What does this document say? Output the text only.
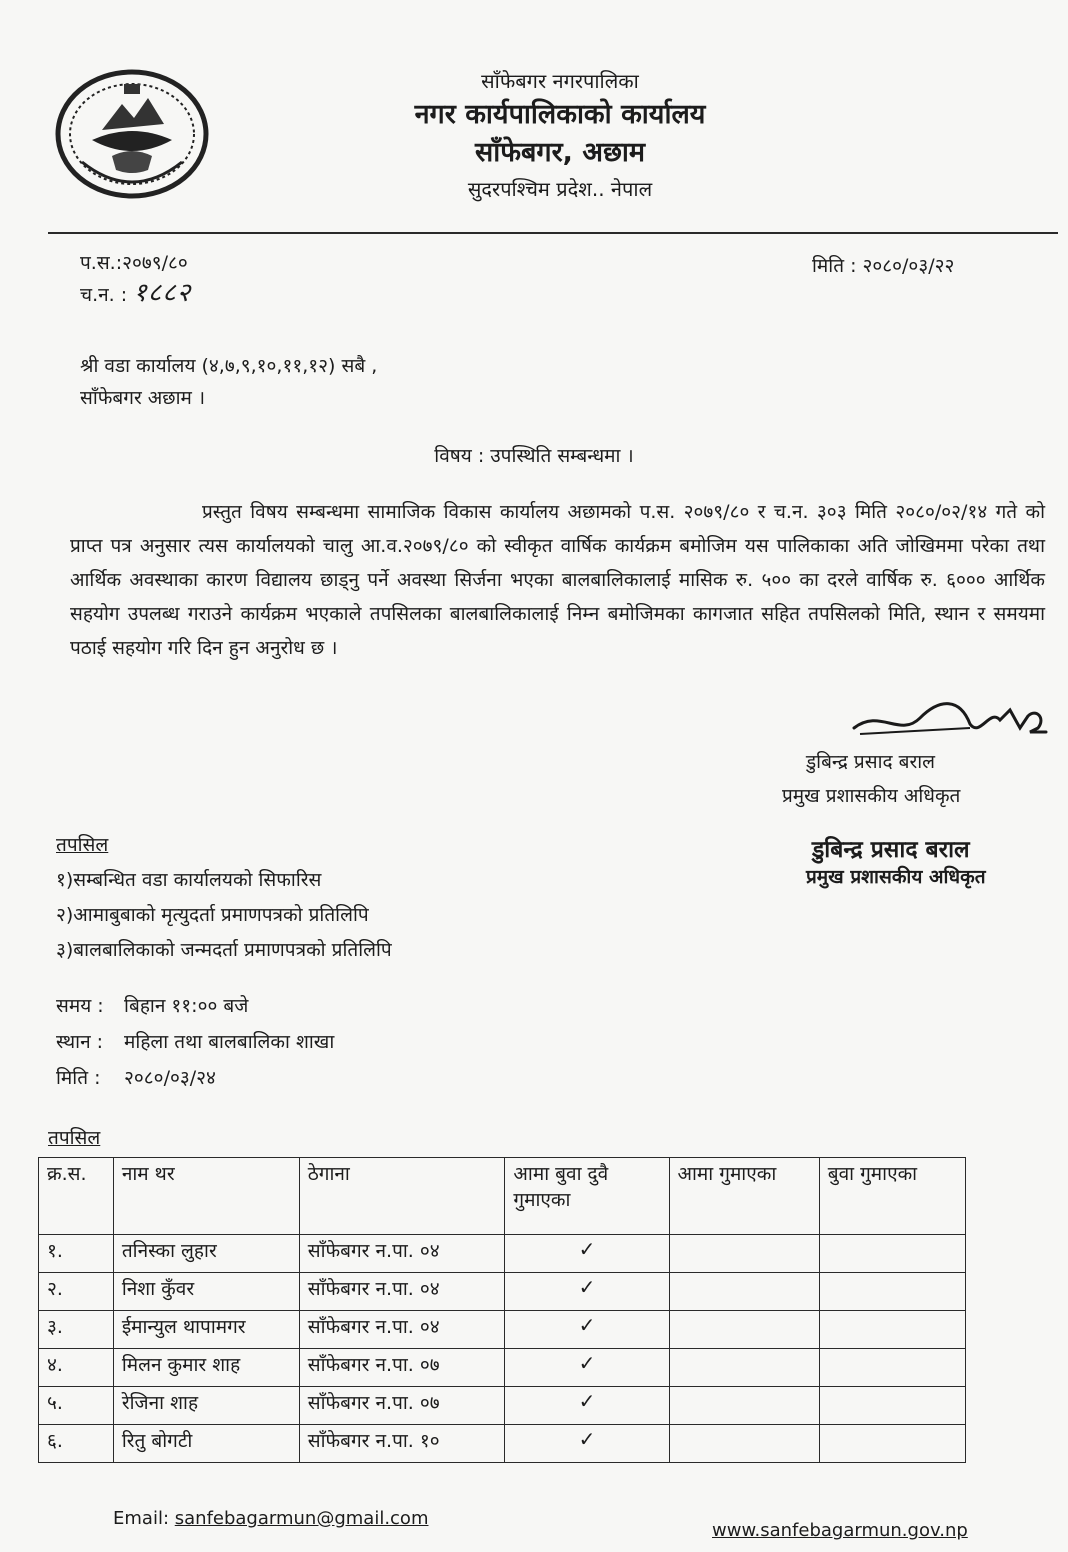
साँफेबगर नगरपालिका
नगर कार्यपालिकाको कार्यालय
साँफेबगर, अछाम
सुदरपश्चिम प्रदेश.. नेपाल
प.स.:२०७९/८०
च.न. : १८८२
मिति : २०८०/०३/२२
श्री वडा कार्यालय (४,७,९,१०,११,१२) सबै ,
साँफेबगर अछाम ।
विषय : उपस्थिति सम्बन्धमा ।

प्रस्तुत विषय सम्बन्धमा सामाजिक विकास कार्यालय अछामको प.स. २०७९/८० र च.न. ३०३ मिति २०८०/०२/१४ गते को प्राप्त पत्र अनुसार त्यस कार्यालयको चालु आ.व.२०७९/८० को स्वीकृत वार्षिक कार्यक्रम बमोजिम यस पालिकाका अति जोखिममा परेका तथा आर्थिक अवस्थाका कारण विद्यालय छाड्नु पर्ने अवस्था सिर्जना भएका बालबालिकालाई मासिक रु. ५०० का दरले वार्षिक रु. ६००० आर्थिक सहयोग उपलब्ध गराउने कार्यक्रम भएकाले तपसिलका बालबालिकालाई निम्न बमोजिमका कागजात सहित तपसिलको मिति, स्थान र समयमा पठाई सहयोग गरि दिन हुन अनुरोध छ ।

डुबिन्द्र प्रसाद बराल
प्रमुख प्रशासकीय अधिकृत
डुबिन्द्र प्रसाद बराल
प्रमुख प्रशासकीय अधिकृत
तपसिल
१)सम्बन्धित वडा कार्यालयको सिफारिस
२)आमाबुबाको मृत्युदर्ता प्रमाणपत्रको प्रतिलिपि
३)बालबालिकाको जन्मदर्ता प्रमाणपत्रको प्रतिलिपि
समय : बिहान ११:०० बजे
स्थान : महिला तथा बालबालिका शाखा
मिति : २०८०/०३/२४
तपसिल
क्र.स.	नाम थर	ठेगाना	आमा बुवा दुवै गुमाएका	आमा गुमाएका	बुवा गुमाएका
१.	तनिस्का लुहार	साँफेबगर न.पा. ०४	✓		
२.	निशा कुँवर	साँफेबगर न.पा. ०४	✓		
३.	ईमान्युल थापामगर	साँफेबगर न.पा. ०४	✓		
४.	मिलन कुमार शाह	साँफेबगर न.पा. ०७	✓		
५.	रेजिना शाह	साँफेबगर न.पा. ०७	✓		
६.	रितु बोगटी	साँफेबगर न.पा. १०	✓		
Email: sanfebagarmun@gmail.com
www.sanfebagarmun.gov.np
